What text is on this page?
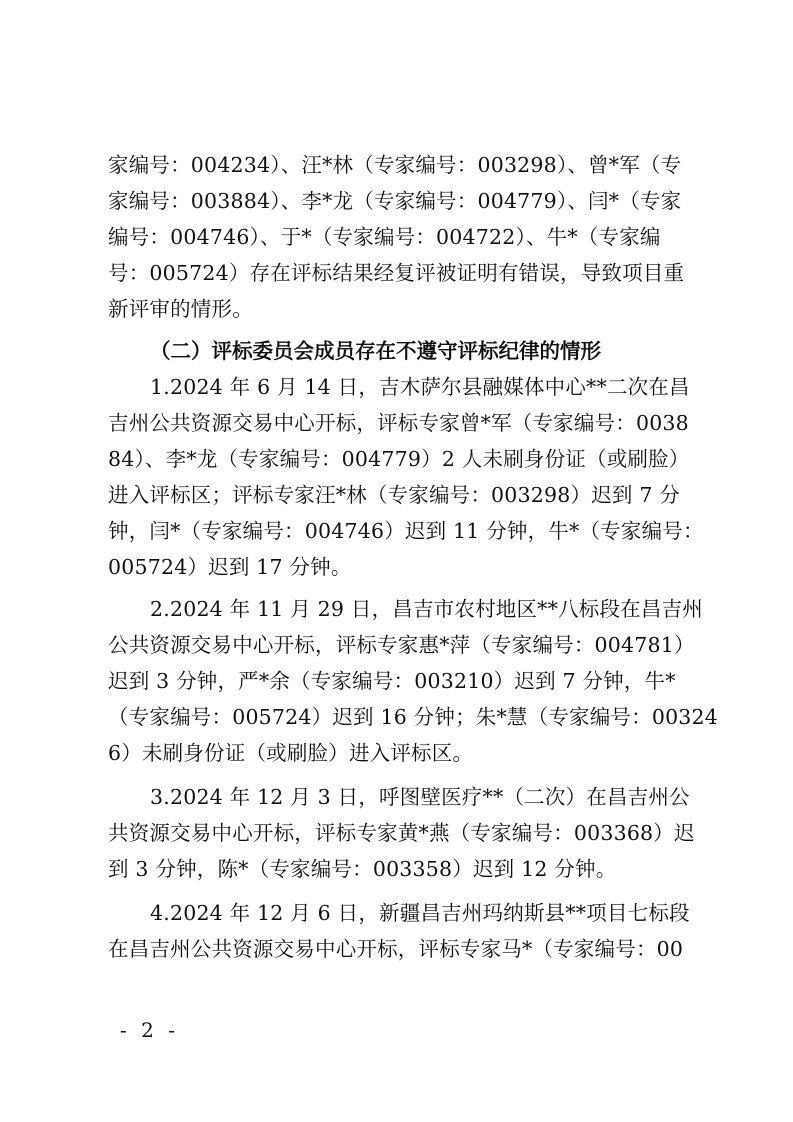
家编号：004234）、汪*林（专家编号：003298）、曾*军（专
家编号：003884）、李*龙（专家编号：004779）、闫*（专家
编号：004746）、于*（专家编号：004722）、牛*（专家编
号：005724）存在评标结果经复评被证明有错误，导致项目重
新评审的情形。
（二）评标委员会成员存在不遵守评标纪律的情形
1.2024 年 6 月 14 日，吉木萨尔县融媒体中心**二次在昌
吉州公共资源交易中心开标，评标专家曾*军（专家编号：0038
84）、李*龙（专家编号：004779）2 人未刷身份证（或刷脸）
进入评标区；评标专家汪*林（专家编号：003298）迟到 7 分
钟，闫*（专家编号：004746）迟到 11 分钟，牛*（专家编号：
005724）迟到 17 分钟。
2.2024 年 11 月 29 日，昌吉市农村地区**八标段在昌吉州
公共资源交易中心开标，评标专家惠*萍（专家编号：004781）
迟到 3 分钟，严*余（专家编号：003210）迟到 7 分钟，牛*
（专家编号：005724）迟到 16 分钟；朱*慧（专家编号：00324
6）未刷身份证（或刷脸）进入评标区。
3.2024 年 12 月 3 日，呼图壁医疗**（二次）在昌吉州公
共资源交易中心开标，评标专家黄*燕（专家编号：003368）迟
到 3 分钟，陈*（专家编号：003358）迟到 12 分钟。
4.2024 年 12 月 6 日，新疆昌吉州玛纳斯县**项目七标段
在昌吉州公共资源交易中心开标，评标专家马*（专家编号：00
- 2 -
